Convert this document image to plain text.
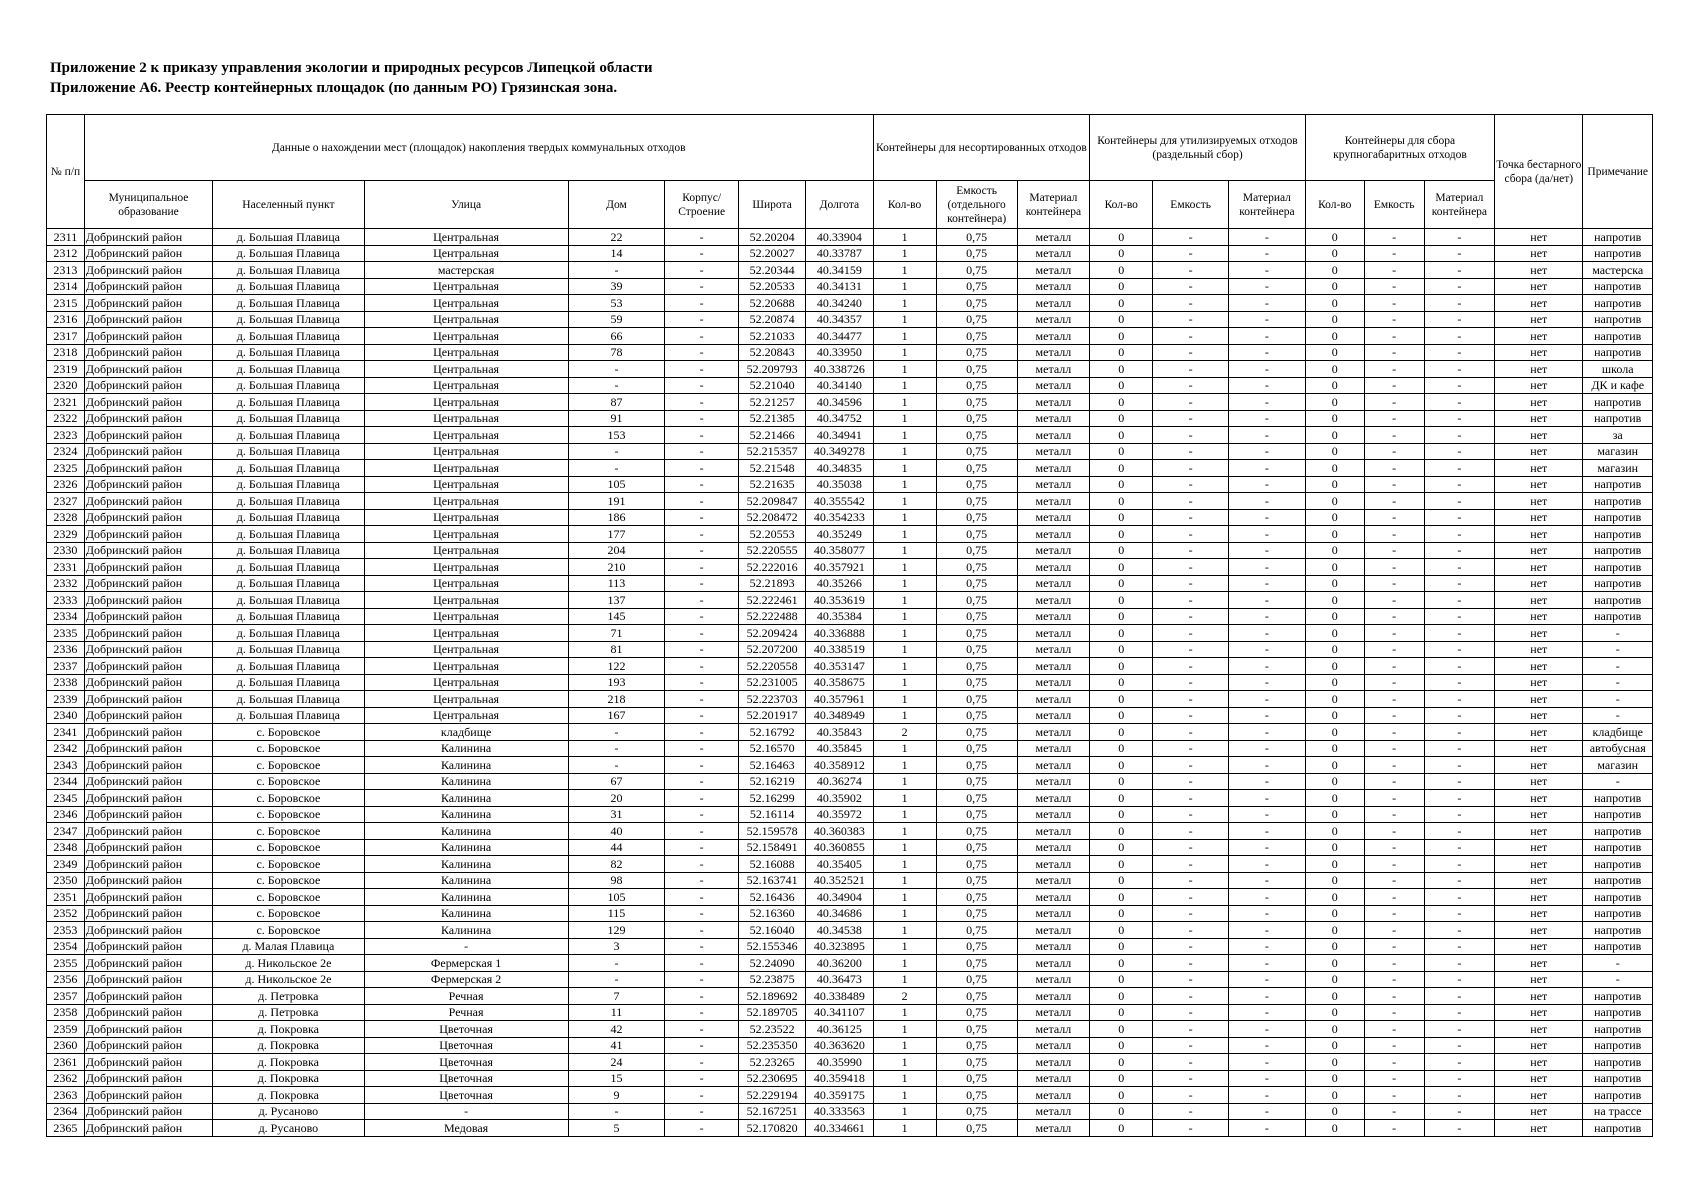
Приложение 2 к приказу управления экологии и природных ресурсов Липецкой области
Приложение А6. Реестр контейнерных площадок (по данным РО) Грязинская зона.
№ п/п	Данные о нахождении мест (площадок) накопления твердых коммунальных отходов							Контейнеры для несортированных отходов			Контейнеры для утилизируемых отходов (раздельный сбор)			Контейнеры для сбора крупногабаритных отходов			Точка бестарного сбора (да/нет)	Примечание
	Муниципальное образование	Населенный пункт	Улица	Дом	Корпус/ Строение	Широта	Долгота	Кол-во	Емкость (отдельного контейнера)	Материал контейнера	Кол-во	Емкость	Материал контейнера	Кол-во	Емкость	Материал контейнера		
2311	Добринский район	д. Большая Плавица	Центральная	22	-	52.20204	40.33904	1	0,75	металл	0	-	-	0	-	-	нет	напротив
2312	Добринский район	д. Большая Плавица	Центральная	14	-	52.20027	40.33787	1	0,75	металл	0	-	-	0	-	-	нет	напротив
2313	Добринский район	д. Большая Плавица	мастерская	-	-	52.20344	40.34159	1	0,75	металл	0	-	-	0	-	-	нет	мастерска
2314	Добринский район	д. Большая Плавица	Центральная	39	-	52.20533	40.34131	1	0,75	металл	0	-	-	0	-	-	нет	напротив
2315	Добринский район	д. Большая Плавица	Центральная	53	-	52.20688	40.34240	1	0,75	металл	0	-	-	0	-	-	нет	напротив
2316	Добринский район	д. Большая Плавица	Центральная	59	-	52.20874	40.34357	1	0,75	металл	0	-	-	0	-	-	нет	напротив
2317	Добринский район	д. Большая Плавица	Центральная	66	-	52.21033	40.34477	1	0,75	металл	0	-	-	0	-	-	нет	напротив
2318	Добринский район	д. Большая Плавица	Центральная	78	-	52.20843	40.33950	1	0,75	металл	0	-	-	0	-	-	нет	напротив
2319	Добринский район	д. Большая Плавица	Центральная	-	-	52.209793	40.338726	1	0,75	металл	0	-	-	0	-	-	нет	школа
2320	Добринский район	д. Большая Плавица	Центральная	-	-	52.21040	40.34140	1	0,75	металл	0	-	-	0	-	-	нет	ДК и кафе
2321	Добринский район	д. Большая Плавица	Центральная	87	-	52.21257	40.34596	1	0,75	металл	0	-	-	0	-	-	нет	напротив
2322	Добринский район	д. Большая Плавица	Центральная	91	-	52.21385	40.34752	1	0,75	металл	0	-	-	0	-	-	нет	напротив
2323	Добринский район	д. Большая Плавица	Центральная	153	-	52.21466	40.34941	1	0,75	металл	0	-	-	0	-	-	нет	за
2324	Добринский район	д. Большая Плавица	Центральная	-	-	52.215357	40.349278	1	0,75	металл	0	-	-	0	-	-	нет	магазин
2325	Добринский район	д. Большая Плавица	Центральная	-	-	52.21548	40.34835	1	0,75	металл	0	-	-	0	-	-	нет	магазин
2326	Добринский район	д. Большая Плавица	Центральная	105	-	52.21635	40.35038	1	0,75	металл	0	-	-	0	-	-	нет	напротив
2327	Добринский район	д. Большая Плавица	Центральная	191	-	52.209847	40.355542	1	0,75	металл	0	-	-	0	-	-	нет	напротив
2328	Добринский район	д. Большая Плавица	Центральная	186	-	52.208472	40.354233	1	0,75	металл	0	-	-	0	-	-	нет	напротив
2329	Добринский район	д. Большая Плавица	Центральная	177	-	52.20553	40.35249	1	0,75	металл	0	-	-	0	-	-	нет	напротив
2330	Добринский район	д. Большая Плавица	Центральная	204	-	52.220555	40.358077	1	0,75	металл	0	-	-	0	-	-	нет	напротив
2331	Добринский район	д. Большая Плавица	Центральная	210	-	52.222016	40.357921	1	0,75	металл	0	-	-	0	-	-	нет	напротив
2332	Добринский район	д. Большая Плавица	Центральная	113	-	52.21893	40.35266	1	0,75	металл	0	-	-	0	-	-	нет	напротив
2333	Добринский район	д. Большая Плавица	Центральная	137	-	52.222461	40.353619	1	0,75	металл	0	-	-	0	-	-	нет	напротив
2334	Добринский район	д. Большая Плавица	Центральная	145	-	52.222488	40.35384	1	0,75	металл	0	-	-	0	-	-	нет	напротив
2335	Добринский район	д. Большая Плавица	Центральная	71	-	52.209424	40.336888	1	0,75	металл	0	-	-	0	-	-	нет	-
2336	Добринский район	д. Большая Плавица	Центральная	81	-	52.207200	40.338519	1	0,75	металл	0	-	-	0	-	-	нет	-
2337	Добринский район	д. Большая Плавица	Центральная	122	-	52.220558	40.353147	1	0,75	металл	0	-	-	0	-	-	нет	-
2338	Добринский район	д. Большая Плавица	Центральная	193	-	52.231005	40.358675	1	0,75	металл	0	-	-	0	-	-	нет	-
2339	Добринский район	д. Большая Плавица	Центральная	218	-	52.223703	40.357961	1	0,75	металл	0	-	-	0	-	-	нет	-
2340	Добринский район	д. Большая Плавица	Центральная	167	-	52.201917	40.348949	1	0,75	металл	0	-	-	0	-	-	нет	-
2341	Добринский район	с. Боровское	кладбище	-	-	52.16792	40.35843	2	0,75	металл	0	-	-	0	-	-	нет	кладбище
2342	Добринский район	с. Боровское	Калинина	-	-	52.16570	40.35845	1	0,75	металл	0	-	-	0	-	-	нет	автобусная
2343	Добринский район	с. Боровское	Калинина	-	-	52.16463	40.358912	1	0,75	металл	0	-	-	0	-	-	нет	магазин
2344	Добринский район	с. Боровское	Калинина	67	-	52.16219	40.36274	1	0,75	металл	0	-	-	0	-	-	нет	-
2345	Добринский район	с. Боровское	Калинина	20	-	52.16299	40.35902	1	0,75	металл	0	-	-	0	-	-	нет	напротив
2346	Добринский район	с. Боровское	Калинина	31	-	52.16114	40.35972	1	0,75	металл	0	-	-	0	-	-	нет	напротив
2347	Добринский район	с. Боровское	Калинина	40	-	52.159578	40.360383	1	0,75	металл	0	-	-	0	-	-	нет	напротив
2348	Добринский район	с. Боровское	Калинина	44	-	52.158491	40.360855	1	0,75	металл	0	-	-	0	-	-	нет	напротив
2349	Добринский район	с. Боровское	Калинина	82	-	52.16088	40.35405	1	0,75	металл	0	-	-	0	-	-	нет	напротив
2350	Добринский район	с. Боровское	Калинина	98	-	52.163741	40.352521	1	0,75	металл	0	-	-	0	-	-	нет	напротив
2351	Добринский район	с. Боровское	Калинина	105	-	52.16436	40.34904	1	0,75	металл	0	-	-	0	-	-	нет	напротив
2352	Добринский район	с. Боровское	Калинина	115	-	52.16360	40.34686	1	0,75	металл	0	-	-	0	-	-	нет	напротив
2353	Добринский район	с. Боровское	Калинина	129	-	52.16040	40.34538	1	0,75	металл	0	-	-	0	-	-	нет	напротив
2354	Добринский район	д. Малая Плавица	-	3	-	52.155346	40.323895	1	0,75	металл	0	-	-	0	-	-	нет	напротив
2355	Добринский район	д. Никольское 2е	Фермерская 1	-	-	52.24090	40.36200	1	0,75	металл	0	-	-	0	-	-	нет	-
2356	Добринский район	д. Никольское 2е	Фермерская 2	-	-	52.23875	40.36473	1	0,75	металл	0	-	-	0	-	-	нет	-
2357	Добринский район	д. Петровка	Речная	7	-	52.189692	40.338489	2	0,75	металл	0	-	-	0	-	-	нет	напротив
2358	Добринский район	д. Петровка	Речная	11	-	52.189705	40.341107	1	0,75	металл	0	-	-	0	-	-	нет	напротив
2359	Добринский район	д. Покровка	Цветочная	42	-	52.23522	40.36125	1	0,75	металл	0	-	-	0	-	-	нет	напротив
2360	Добринский район	д. Покровка	Цветочная	41	-	52.235350	40.363620	1	0,75	металл	0	-	-	0	-	-	нет	напротив
2361	Добринский район	д. Покровка	Цветочная	24	-	52.23265	40.35990	1	0,75	металл	0	-	-	0	-	-	нет	напротив
2362	Добринский район	д. Покровка	Цветочная	15	-	52.230695	40.359418	1	0,75	металл	0	-	-	0	-	-	нет	напротив
2363	Добринский район	д. Покровка	Цветочная	9	-	52.229194	40.359175	1	0,75	металл	0	-	-	0	-	-	нет	напротив
2364	Добринский район	д. Русаново	-	-	-	52.167251	40.333563	1	0,75	металл	0	-	-	0	-	-	нет	на трассе
2365	Добринский район	д. Русаново	Медовая	5	-	52.170820	40.334661	1	0,75	металл	0	-	-	0	-	-	нет	напротив
